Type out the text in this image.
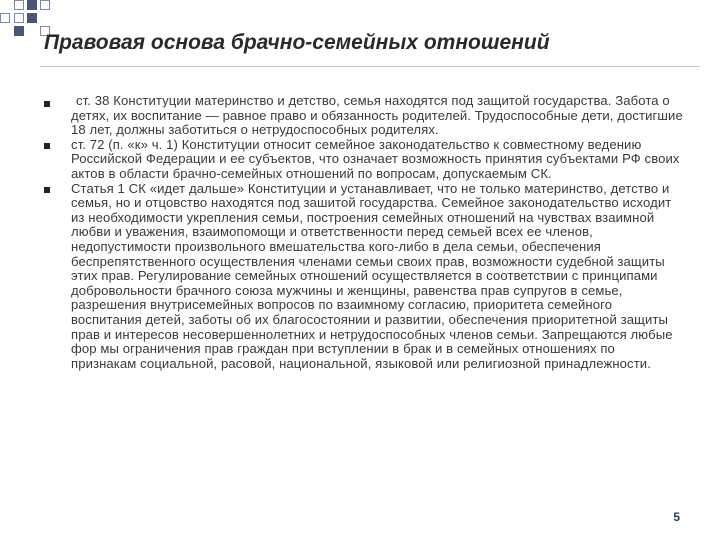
Правовая основа брачно-семейных отношений
ст. 38 Конституции материнство и детство, семья находятся под защитой государства. Забота о детях, их воспитание — равное право и обязанность родителей. Трудоспособные дети, достигшие 18 лет, должны заботиться о нетрудоспособных родителях.
ст. 72 (п. «к» ч. 1) Конституции относит семейное законодательство к совместному ведению Российской Федерации и ее субъектов, что означает возможность принятия субъектами РФ своих актов в области брачно-семейных отношений по вопросам, допускаемым СК.
Статья 1 СК «идет дальше» Конституции и устанавливает, что не только материнство, детство и семья, но и отцовство находятся под зашитой государства. Семейное законодательство исходит из необходимости укрепления семьи, построения семейных отношений на чувствах взаимной любви и уважения, взаимопомощи и ответственности перед семьей всех ее членов, недопустимости произвольного вмешательства кого-либо в дела семьи, обеспечения беспрепятственного осуществления членами семьи своих прав, возможности судебной защиты этих прав. Регулирование семейных отношений осуществляется в соответствии с принципами добровольности брачного союза мужчины и женщины, равенства прав супругов в семье, разрешения внутрисемейных вопросов по взаимному согласию, приоритета семейного воспитания детей, заботы об их благосостоянии и развитии, обеспечения приоритетной защиты прав и интересов несовершеннолетних и нетрудоспособных членов семьи. Запрещаются любые фор мы ограничения прав граждан при вступлении в брак и в семейных отношениях по признакам социальной, расовой, национальной, языковой или религиозной принадлежности.
5
